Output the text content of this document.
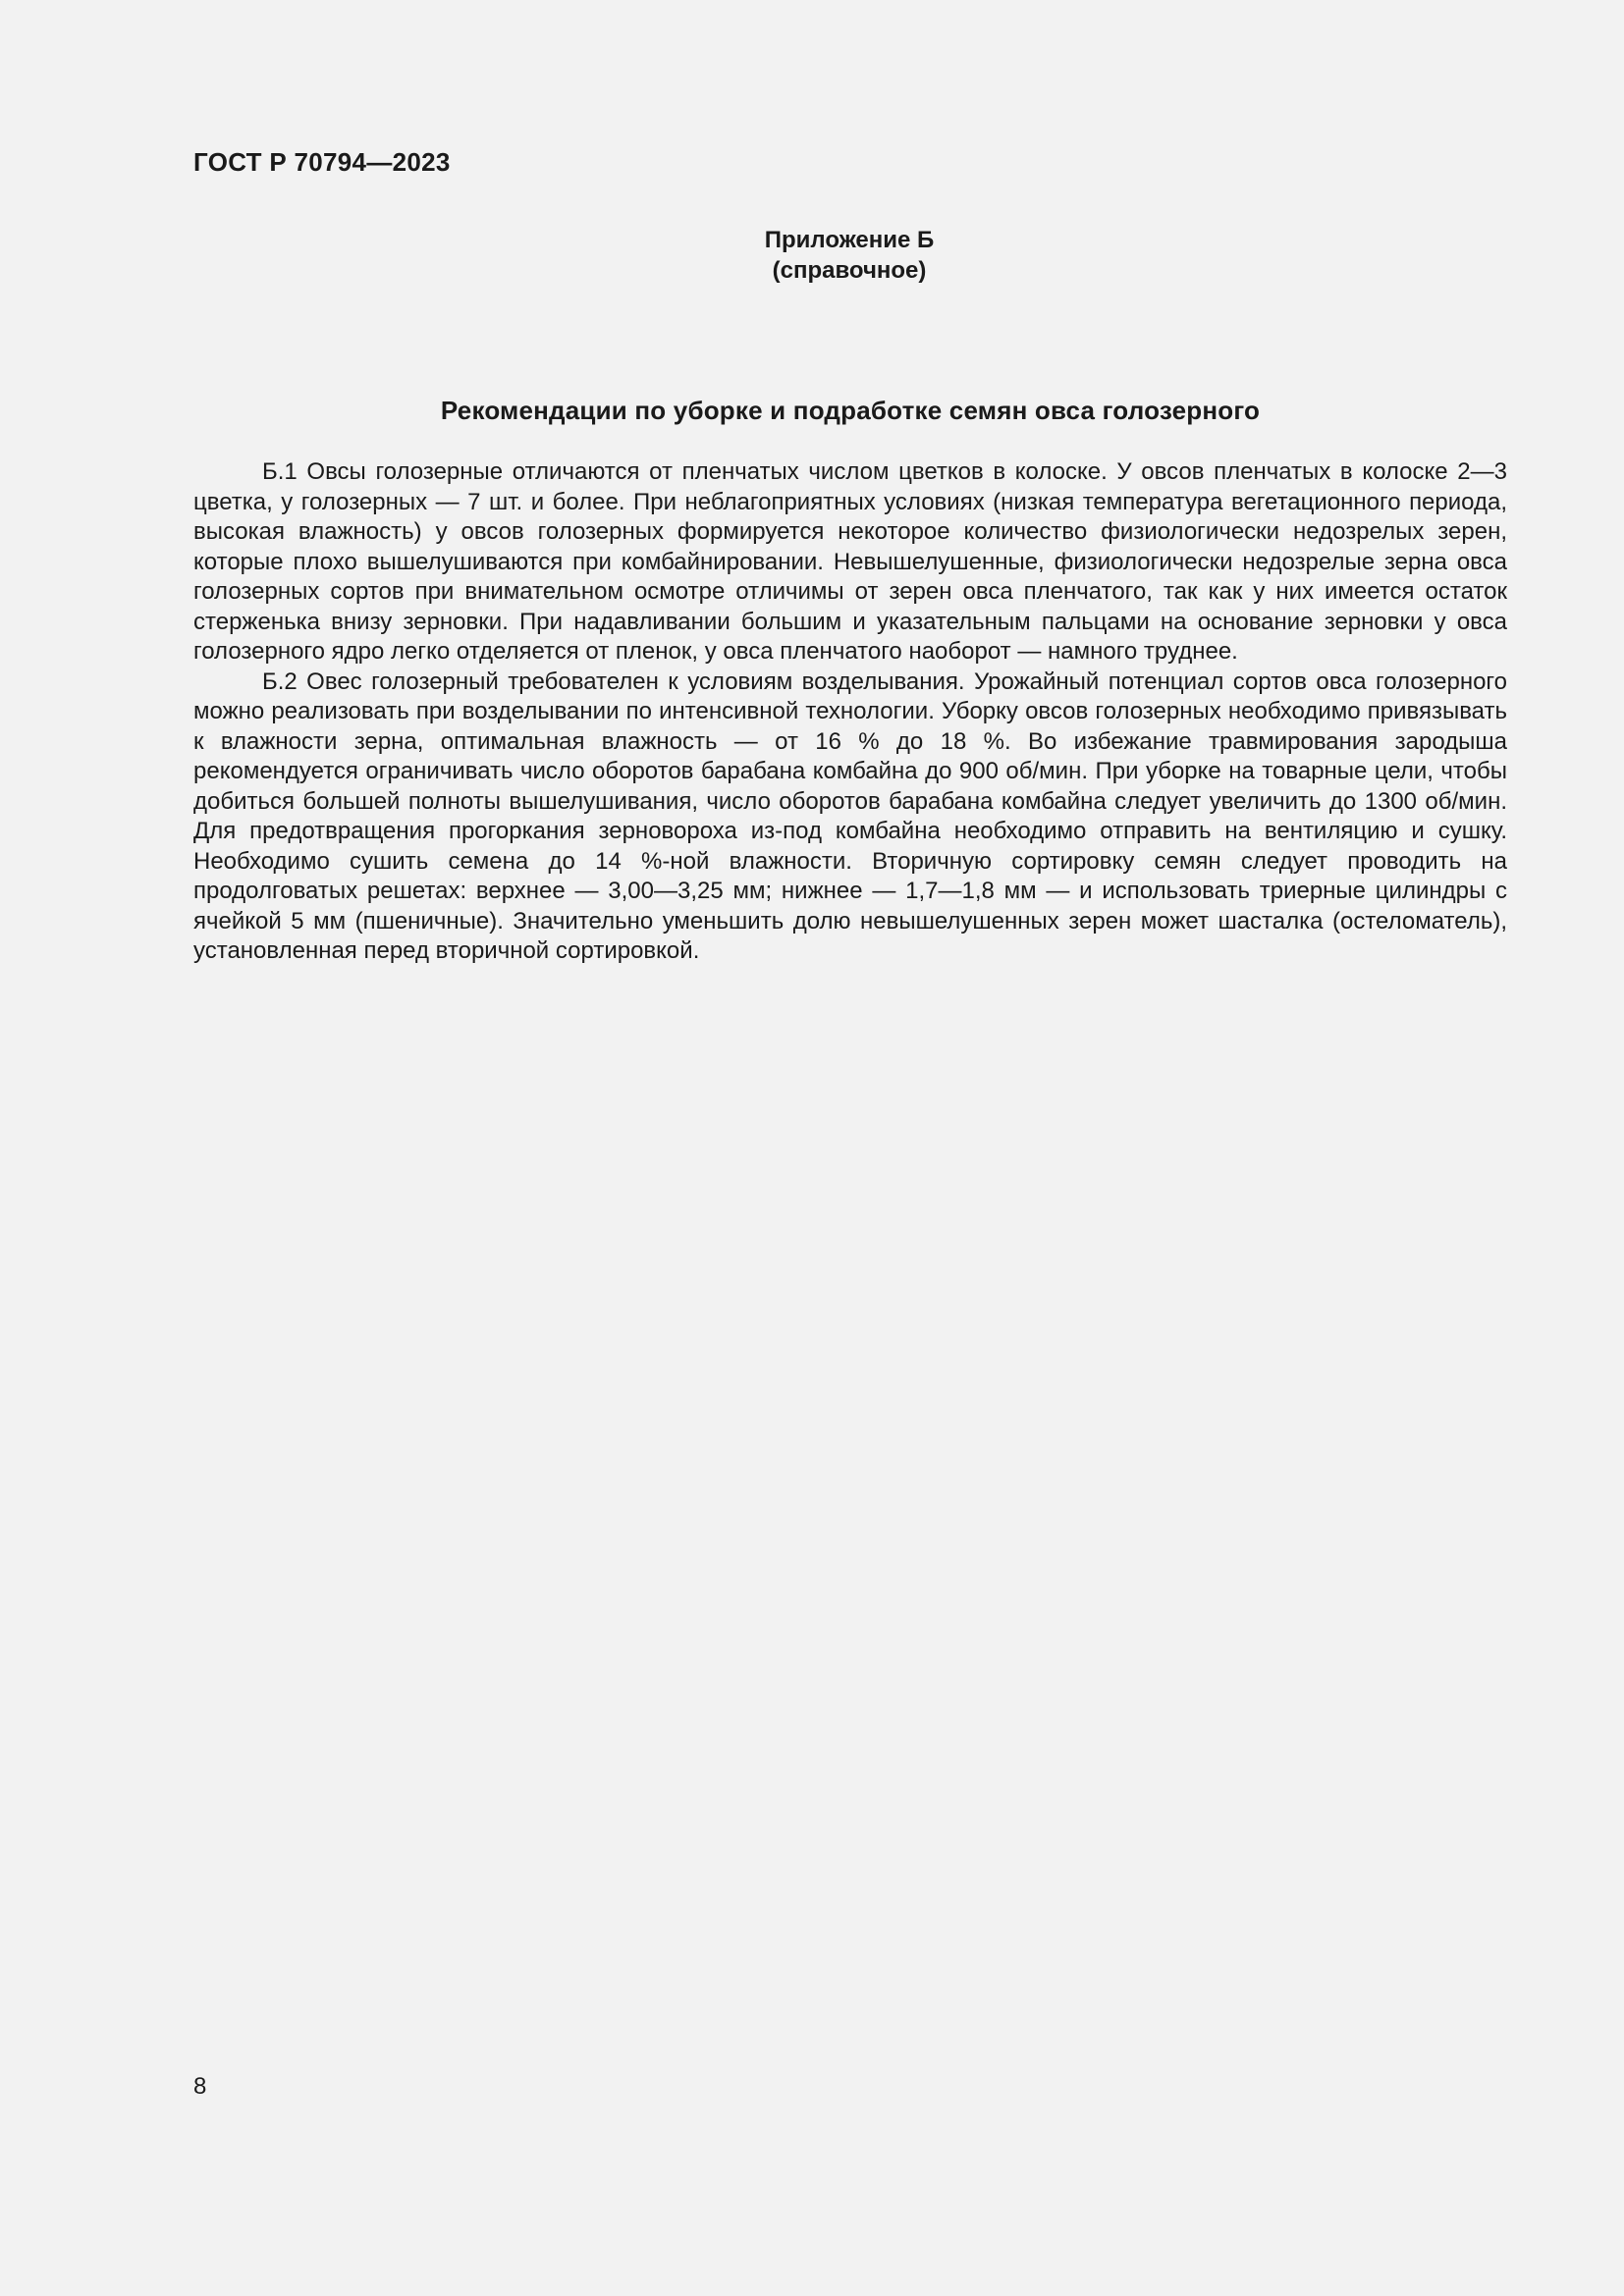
ГОСТ Р 70794—2023
Приложение Б
(справочное)
Рекомендации по уборке и подработке семян овса голозерного

Б.1 Овсы голозерные отличаются от пленчатых числом цветков в колоске. У овсов пленчатых в колоске 2—3 цветка, у голозерных — 7 шт. и более. При неблагоприятных условиях (низкая температура вегетационного периода, высокая влажность) у овсов голозерных формируется некоторое количество физиологически недозрелых зерен, которые плохо вышелушиваются при комбайнировании. Невышелушенные, физиологически недозрелые зерна овса голозерных сортов при внимательном осмотре отличимы от зерен овса пленчатого, так как у них имеется остаток стерженька внизу зерновки. При надавливании большим и указательным пальцами на основание зерновки у овса голозерного ядро легко отделяется от пленок, у овса пленчатого наоборот — намного труднее.

Б.2 Овес голозерный требователен к условиям возделывания. Урожайный потенциал сортов овса голозерного можно реализовать при возделывании по интенсивной технологии. Уборку овсов голозерных необходимо привязывать к влажности зерна, оптимальная влажность — от 16 % до 18 %. Во избежание травмирования зародыша рекомендуется ограничивать число оборотов барабана комбайна до 900 об/мин. При уборке на товарные цели, чтобы добиться большей полноты вышелушивания, число оборотов барабана комбайна следует увеличить до 1300 об/мин. Для предотвращения прогоркания зерновороха из-под комбайна необходимо отправить на вентиляцию и сушку. Необходимо сушить семена до 14 %-ной влажности. Вторичную сортировку семян следует проводить на продолговатых решетах: верхнее — 3,00—3,25 мм; нижнее — 1,7—1,8 мм — и использовать триерные цилиндры с ячейкой 5 мм (пшеничные). Значительно уменьшить долю невышелушенных зерен может шасталка (остеломатель), установленная перед вторичной сортировкой.

8
